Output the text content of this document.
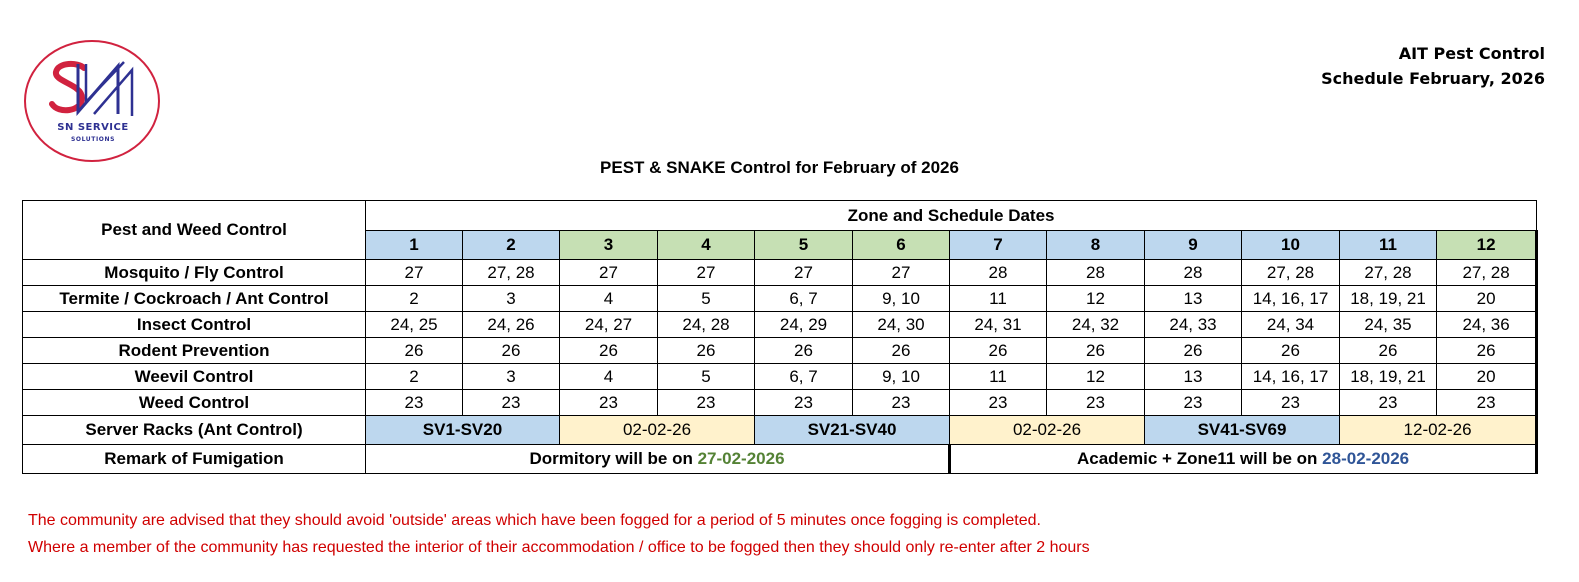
SN SERVICE
SOLUTIONS
AIT Pest Control
Schedule February, 2026
PEST & SNAKE Control for February of 2026
Pest and Weed Control	Zone and Schedule Dates											
	1	2	3	4	5	6	7	8	9	10	11	12
Mosquito / Fly Control	27	27, 28	27	27	27	27	28	28	28	27, 28	27, 28	27, 28
Termite / Cockroach / Ant Control	2	3	4	5	6, 7	9, 10	11	12	13	14, 16, 17	18, 19, 21	20
Insect Control	24, 25	24, 26	24, 27	24, 28	24, 29	24, 30	24, 31	24, 32	24, 33	24, 34	24, 35	24, 36
Rodent Prevention	26	26	26	26	26	26	26	26	26	26	26	26
Weevil Control	2	3	4	5	6, 7	9, 10	11	12	13	14, 16, 17	18, 19, 21	20
Weed Control	23	23	23	23	23	23	23	23	23	23	23	23
Server Racks (Ant Control)	SV1-SV20		02-02-26		SV21-SV40		02-02-26		SV41-SV69		12-02-26	
Remark of Fumigation	Dormitory will be on 27-02-2026						Academic + Zone11 will be on 28-02-2026					
The community are advised that they should avoid 'outside' areas which have been fogged for a period of 5 minutes once fogging is completed.
Where a member of the community has requested the interior of their accommodation / office to be fogged then they should only re-enter after 2 hours
